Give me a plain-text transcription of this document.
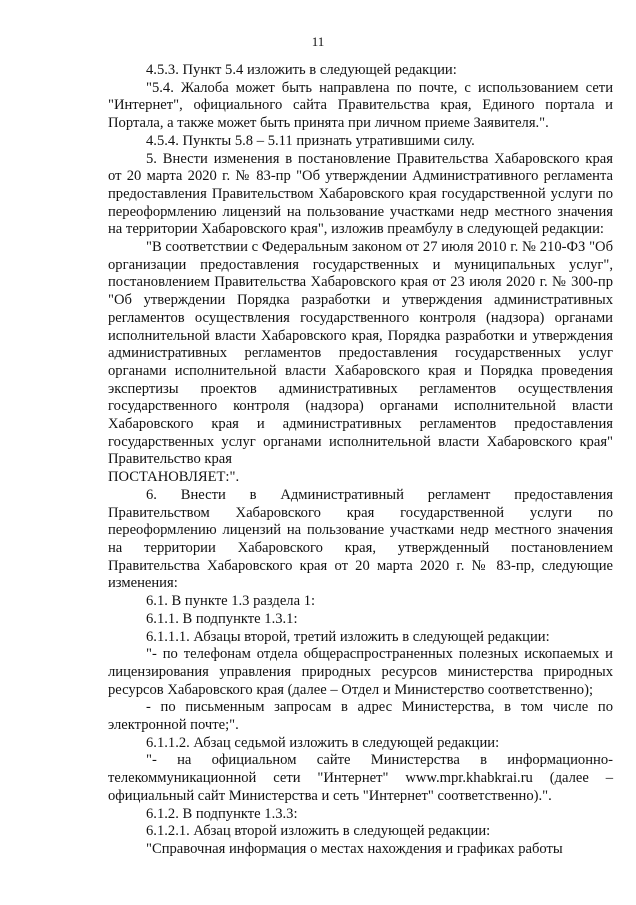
11

4.5.3. Пункт 5.4 изложить в следующей редакции:

"5.4. Жалоба может быть направлена по почте, с использованием сети "Интернет", официального сайта Правительства края, Единого портала и Портала, а также может быть принята при личном приеме Заявителя.".

4.5.4. Пункты 5.8 – 5.11 признать утратившими силу.

5. Внести изменения в постановление Правительства Хабаровского края от 20 марта 2020 г. № 83-пр "Об утверждении Административного регламента предоставления Правительством Хабаровского края государственной услуги по переоформлению лицензий на пользование участками недр местного значения на территории Хабаровского края", изложив преамбулу в следующей редакции:

"В соответствии с Федеральным законом от 27 июля 2010 г. № 210-ФЗ "Об организации предоставления государственных и муниципальных услуг", постановлением Правительства Хабаровского края от 23 июля 2020 г. № 300-пр "Об утверждении Порядка разработки и утверждения административных регламентов осуществления государственного контроля (надзора) органами исполнительной власти Хабаровского края, Порядка разработки и утверждения административных регламентов предоставления государственных услуг органами исполнительной власти Хабаровского края и Порядка проведения экспертизы проектов административных регламентов осуществления государственного контроля (надзора) органами исполнительной власти Хабаровского края и административных регламентов предоставления государственных услуг органами исполнительной власти Хабаровского края" Правительство края

ПОСТАНОВЛЯЕТ:".

6. Внести в Административный регламент предоставления Правительством Хабаровского края государственной услуги по переоформлению лицензий на пользование участками недр местного значения на территории Хабаровского края, утвержденный постановлением Правительства Хабаровского края от 20 марта 2020 г. № 83-пр, следующие изменения:

6.1. В пункте 1.3 раздела 1:

6.1.1. В подпункте 1.3.1:

6.1.1.1. Абзацы второй, третий изложить в следующей редакции:

"- по телефонам отдела общераспространенных полезных ископаемых и лицензирования управления природных ресурсов министерства природных ресурсов Хабаровского края (далее – Отдел и Министерство соответственно);

- по письменным запросам в адрес Министерства, в том числе по электронной почте;".

6.1.1.2. Абзац седьмой изложить в следующей редакции:

"- на официальном сайте Министерства в информационно-телекоммуникационной сети "Интернет" www.mpr.khabkrai.ru (далее – официальный сайт Министерства и сеть "Интернет" соответственно).".

6.1.2. В подпункте 1.3.3:

6.1.2.1. Абзац второй изложить в следующей редакции:

"Справочная информация о местах нахождения и графиках работы
